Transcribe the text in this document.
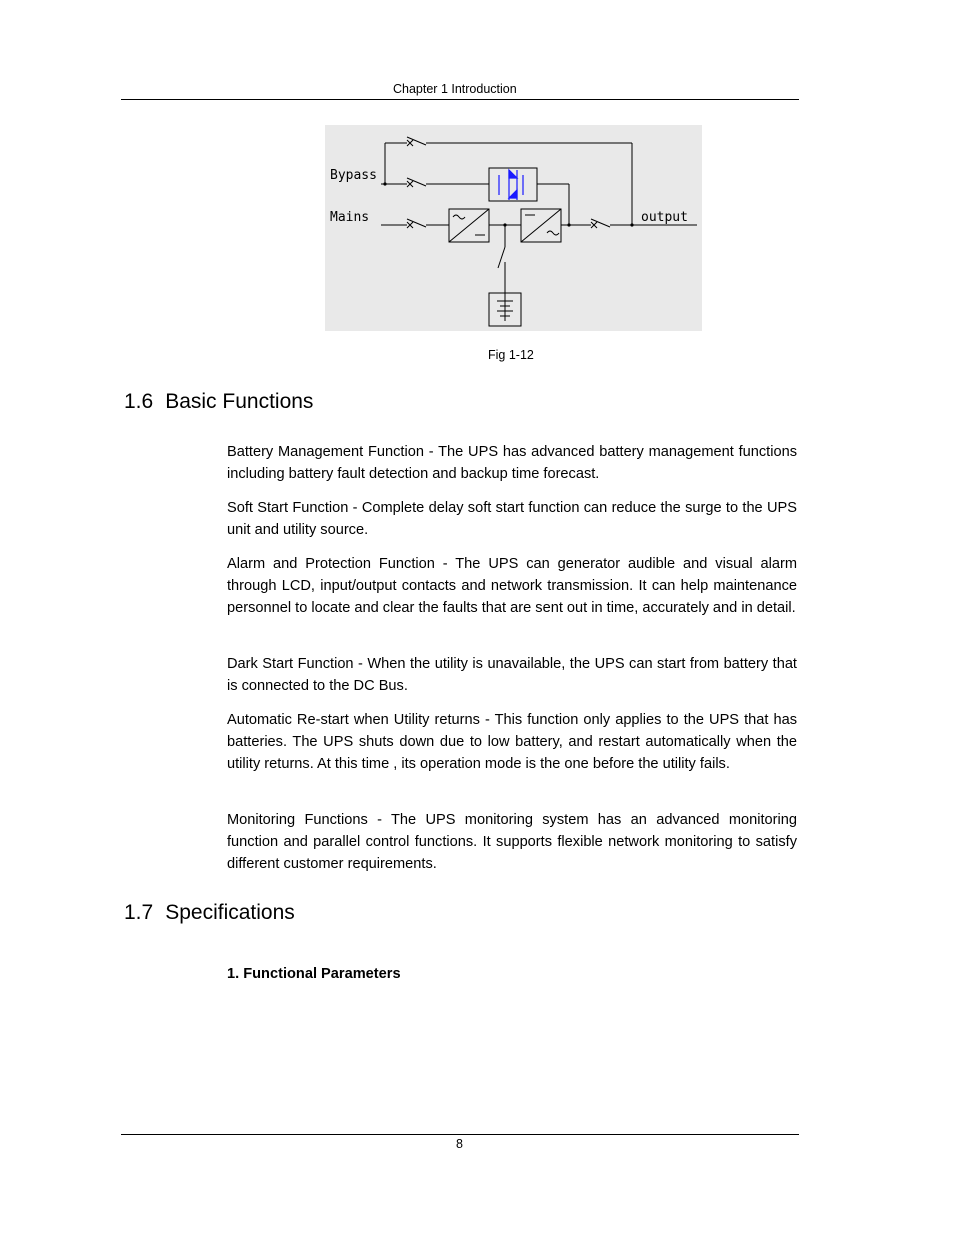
Chapter 1 Introduction
Bypass
Mains	output
Fig 1-12
1.6 Basic Functions

Battery Management Function - The UPS has advanced battery management functions including battery fault detection and backup time forecast.

Soft Start Function - Complete delay soft start function can reduce the surge to the UPS unit and utility source.

Alarm and Protection Function - The UPS can generator audible and visual alarm through LCD, input/output contacts and network transmission. It can help maintenance personnel to locate and clear the faults that are sent out in time, accurately and in detail.

Dark Start Function - When the utility is unavailable, the UPS can start from battery that is connected to the DC Bus.

Automatic Re-start when Utility returns - This function only applies to the UPS that has batteries. The UPS shuts down due to low battery, and restart automatically when the utility returns. At this time , its operation mode is the one before the utility fails.

Monitoring Functions - The UPS monitoring system has an advanced monitoring function and parallel control functions. It supports flexible network monitoring to satisfy different customer requirements.

1.7 Specifications

1. Functional Parameters

8
